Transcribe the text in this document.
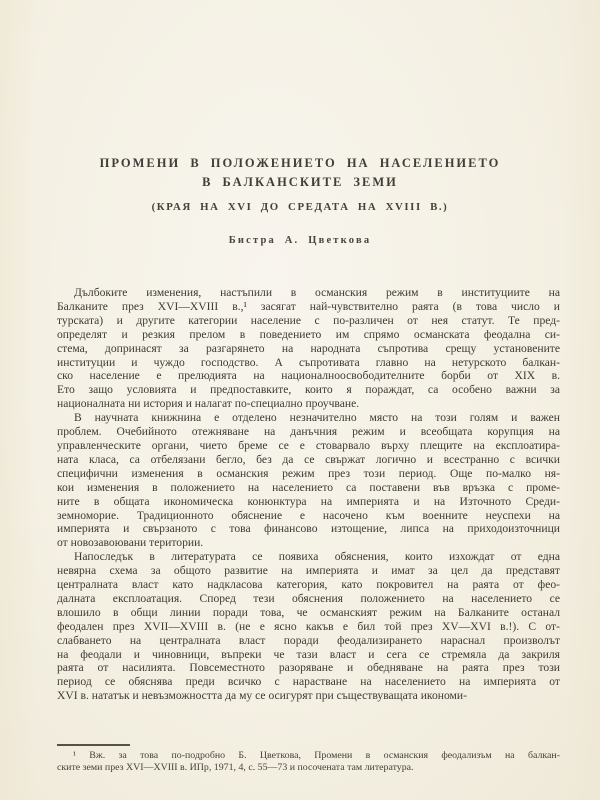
ПРОМЕНИ В ПОЛОЖЕНИЕТО НА НАСЕЛЕНИЕТО
В БАЛКАНСКИТЕ ЗЕМИ
(КРАЯ НА XVI ДО СРЕДАТА НА XVIII В.)
Бистра А. Цветкова
Дълбоките изменения, настъпили в османския режим в институциите на
Балканите през XVI—XVIII в.,¹ засягат най-чувствително раята (в това число и
турската) и другите категории население с по-различен от нея статут. Те пред-
определят и резкия прелом в поведението им спрямо османската феодална си-
стема, допринасят за разгарянето на народната съпротива срещу установените
институции и чуждо господство. А съпротивата главно на нетурското балкан-
ско население е прелюдията на националноосвободителните борби от XIX в.
Ето защо условията и предпоставките, които я пораждат, са особено важни за
националната ни история и налагат по-специално проучване.
В научната книжнина е отделено незначително място на този голям и важен
проблем. Очебийното отежняване на данъчния режим и всеобщата корупция на
управленческите органи, чието бреме се е стоварвало върху плещите на експлоатира-
ната класа, са отбелязани бегло, без да се свържат логично и всестранно с всички
специфични изменения в османския режим през този период. Още по-малко ня-
кои изменения в положението на населението са поставени във връзка с проме-
ните в общата икономическа конюнктура на империята и на Източното Среди-
земноморие. Традиционното обяснение е насочено към военните неуспехи на
империята и свързаното с това финансово изтощение, липса на приходоизточници
от новозавоювани територии.
Напоследък в литературата се появиха обяснения, които изхождат от една
невярна схема за общото развитие на империята и имат за цел да представят
централната власт като надкласова категория, като покровител на раята от фео-
далната експлоатация. Според тези обяснения положението на населението се
влошило в общи линии поради това, че османският режим на Балканите останал
феодален през XVII—XVIII в. (не е ясно какъв е бил той през XV—XVI в.!). С от-
слабването на централната власт поради феодализирането нараснал произволът
на феодали и чиновници, въпреки че тази власт и сега се стремяла да закриля
раята от насилията. Повсеместното разоряване и обедняване на раята през този
период се обяснява преди всичко с нарастване на населението на империята от
XVI в. нататък и невъзможността да му се осигурят при съществуващата икономи-
¹ Вж. за това по-подробно Б. Цветкова, Промени в османския феодализъм на балкан-
ските земи през XVI—XVIII в. ИПр, 1971, 4, с. 55—73 и посочената там литература.
